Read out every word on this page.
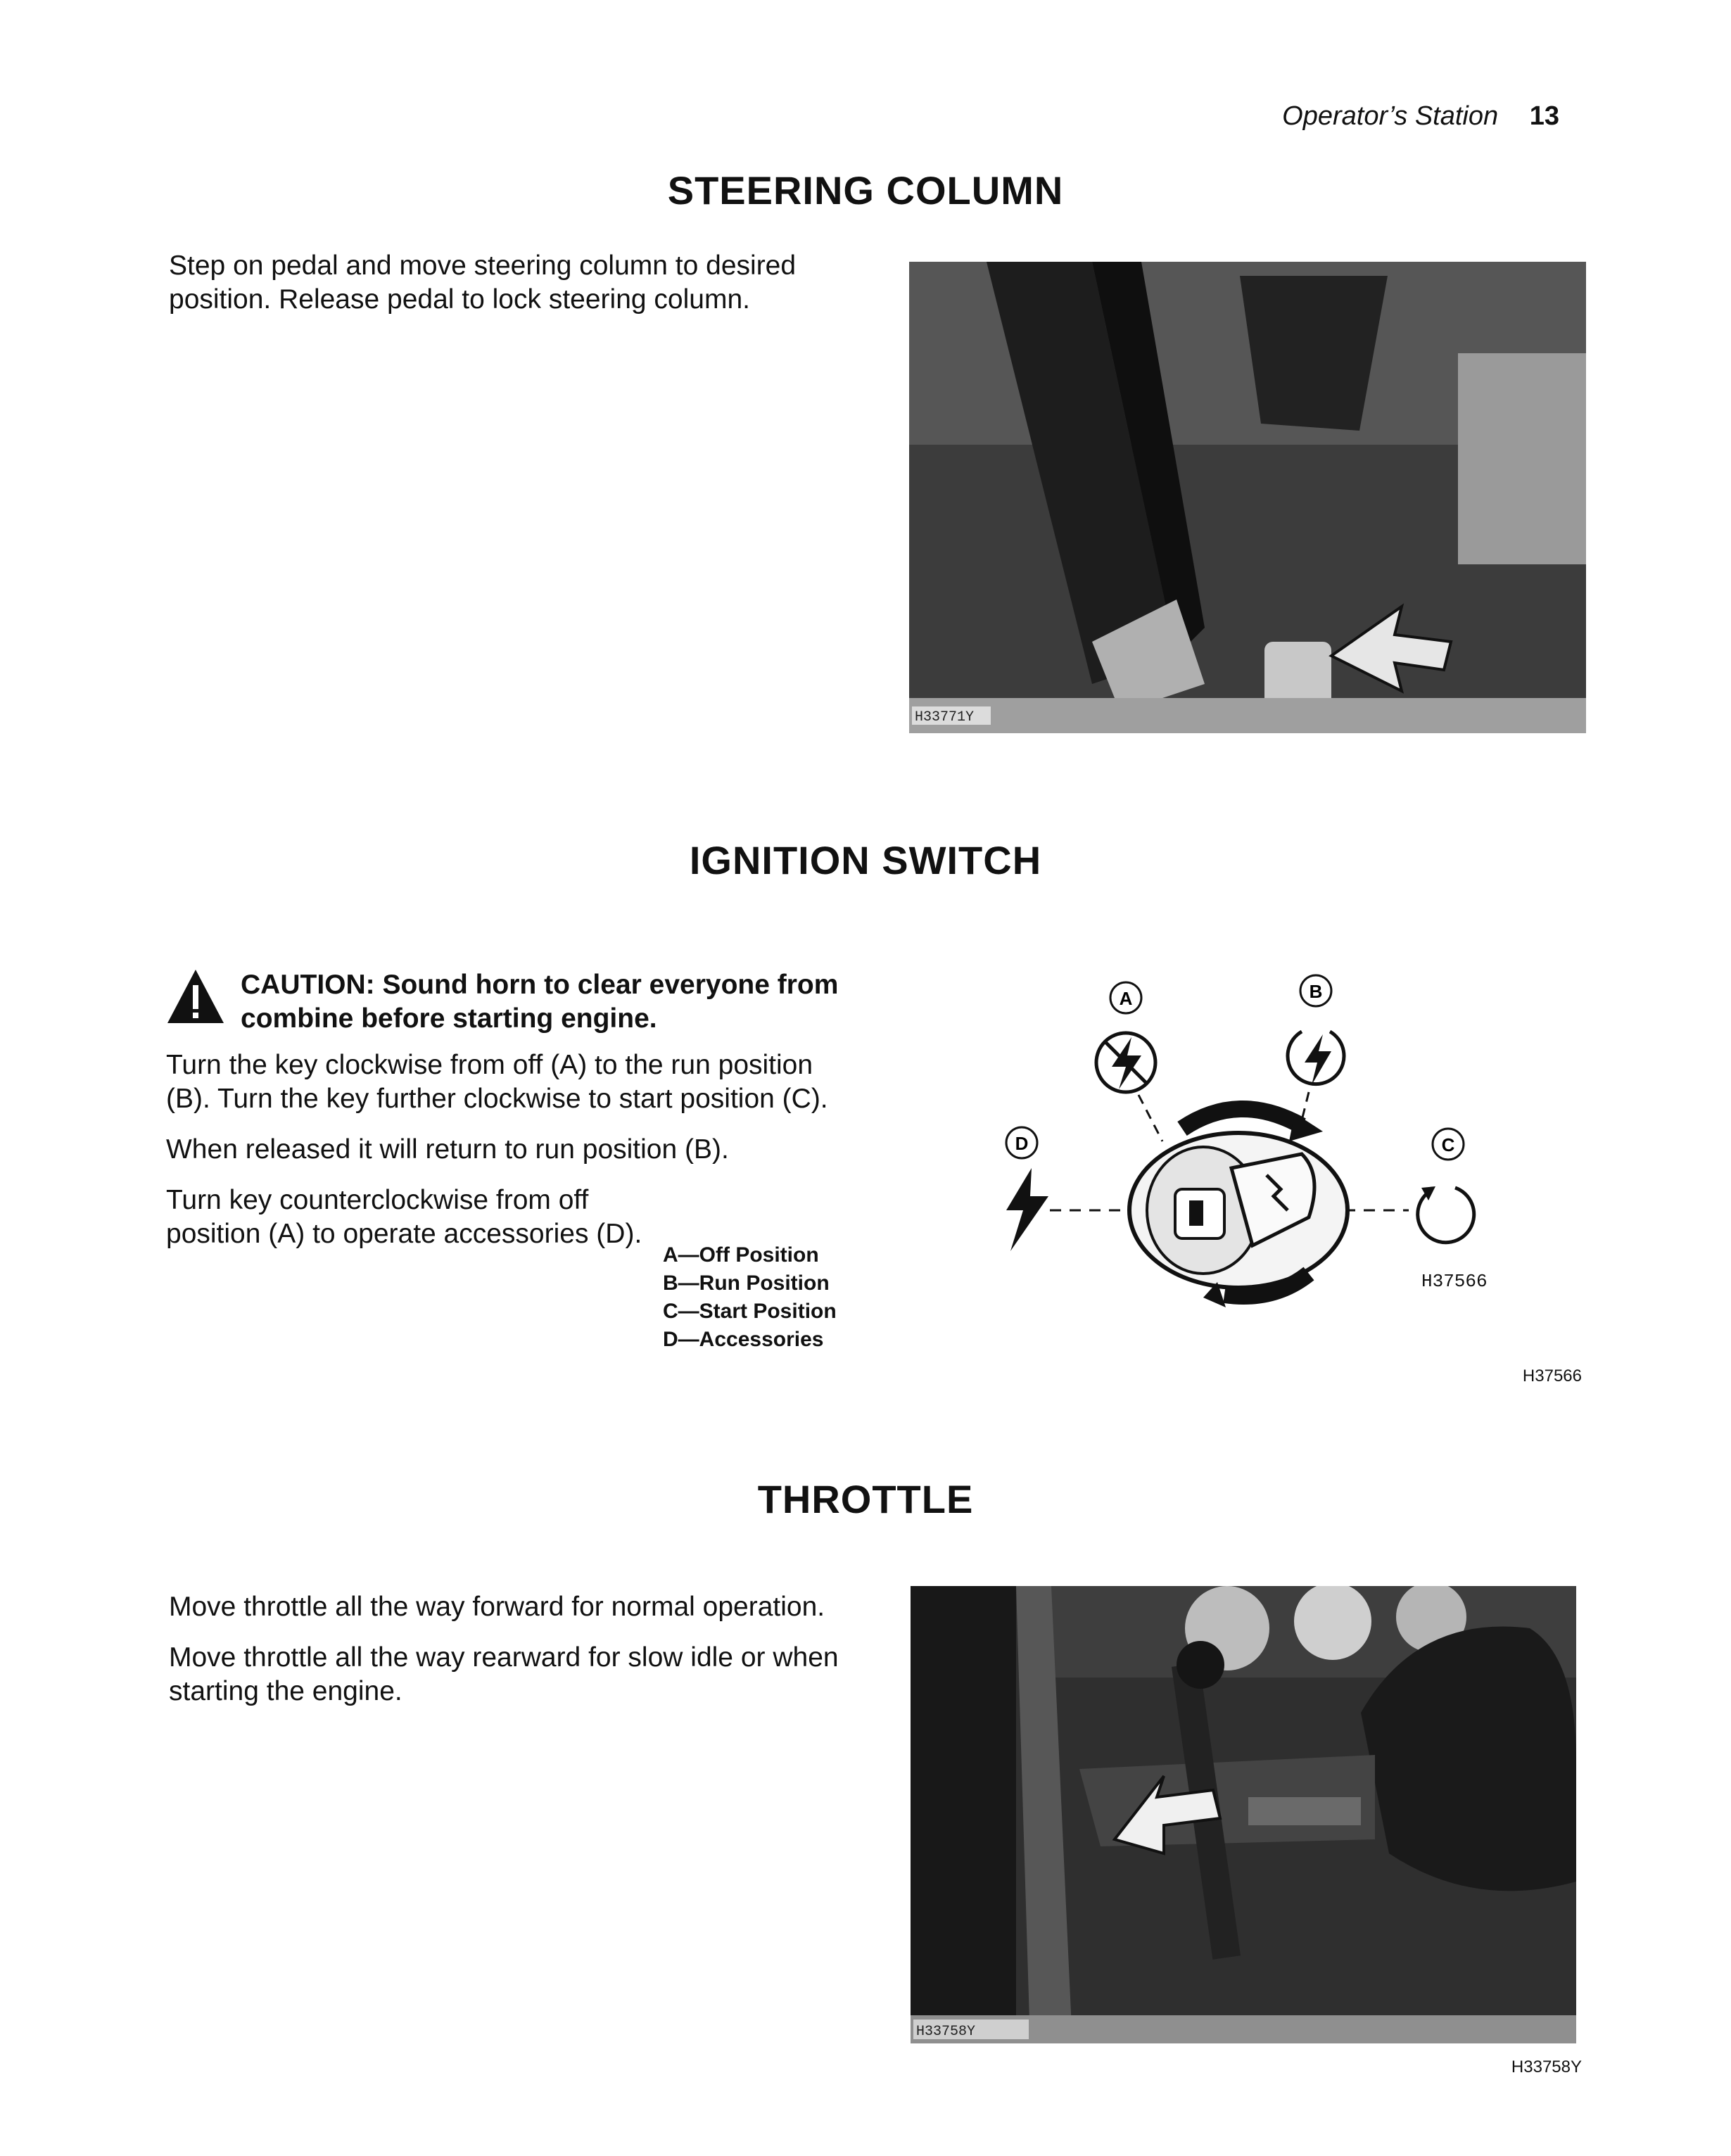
Operator’s Station 13
STEERING COLUMN

Step on pedal and move steering column to desired position. Release pedal to lock steering column.

H33771Y
IGNITION SWITCH
CAUTION: Sound horn to clear everyone from combine before starting engine.

Turn the key clockwise from off (A) to the run position (B). Turn the key further clockwise to start position (C).

When released it will return to run position (B).

Turn key counterclockwise from off position (A) to operate accessories (D).

A—Off Position
B—Run Position
C—Start Position
D—Accessories
A	B
D	C
H37566
H37566
THROTTLE

Move throttle all the way forward for normal operation.

Move throttle all the way rearward for slow idle or when starting the engine.

H33758Y
H33758Y
